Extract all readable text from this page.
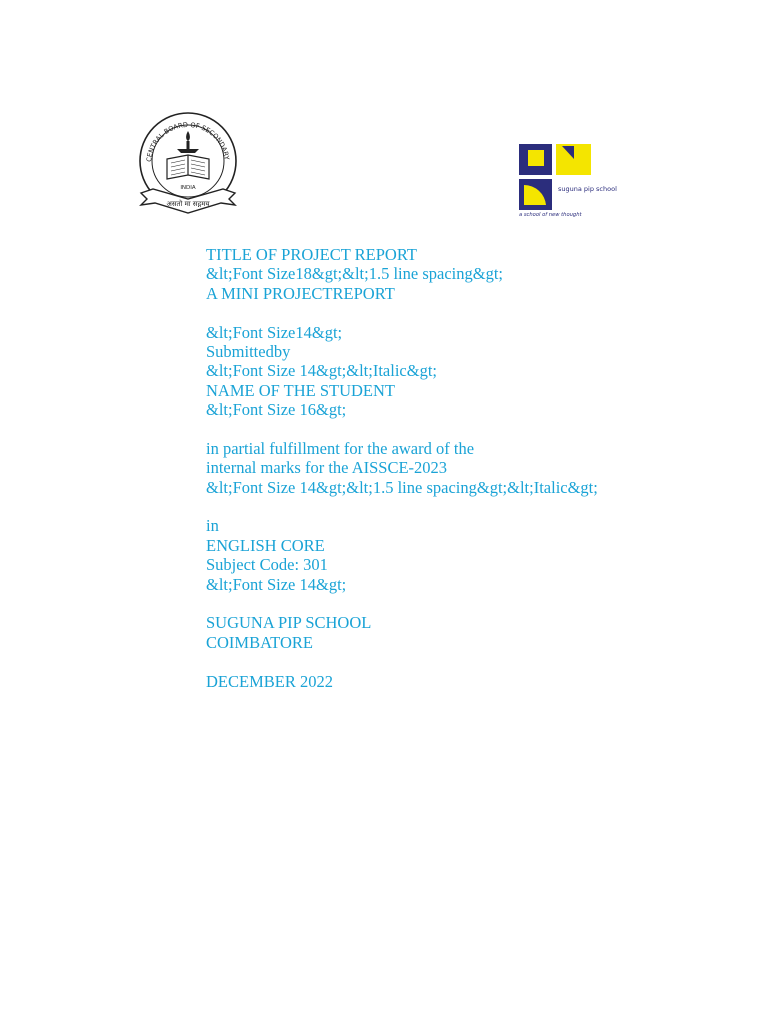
CENTRAL BOARD OF SECONDARY
INDIA
असतो मा सद्गमय
suguna pip school
a school of new thought
TITLE OF PROJECT REPORT
&lt;Font Size18&gt;&lt;1.5 line spacing&gt;
A MINI PROJECTREPORT
&lt;Font Size14&gt;
Submittedby
&lt;Font Size 14&gt;&lt;Italic&gt;
NAME OF THE STUDENT
&lt;Font Size 16&gt;
in partial fulfillment for the award of the
internal marks for the AISSCE-2023
&lt;Font Size 14&gt;&lt;1.5 line spacing&gt;&lt;Italic&gt;
in
ENGLISH CORE
Subject Code: 301
&lt;Font Size 14&gt;
SUGUNA PIP SCHOOL
COIMBATORE
DECEMBER 2022
